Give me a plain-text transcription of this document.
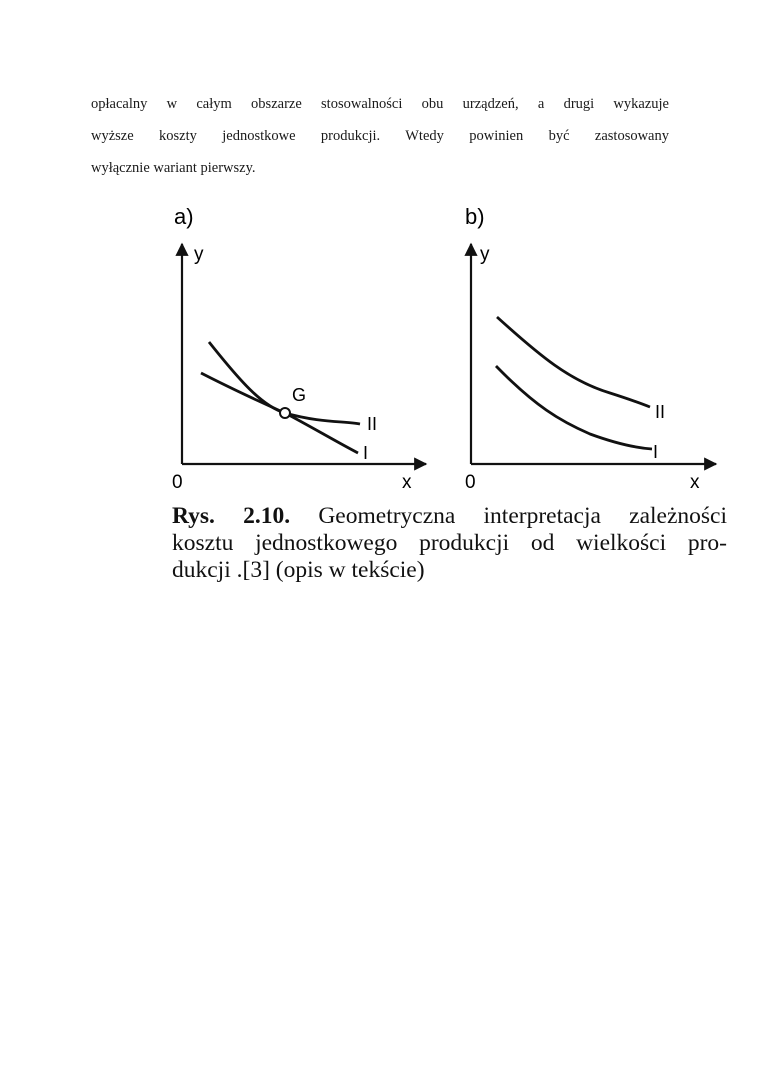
opłacalny w całym obszarze stosowalności obu urządzeń, a drugi wykazuje
wyższe koszty jednostkowe produkcji. Wtedy powinien być zastosowany
wyłącznie wariant pierwszy.
a)
y
0	x
G
II
I
b)
y
0	x
II
I

Rys. 2.10. Geometryczna interpretacja zależności
kosztu jednostkowego produkcji od wielkości pro-
dukcji .[3] (opis w tekście)
